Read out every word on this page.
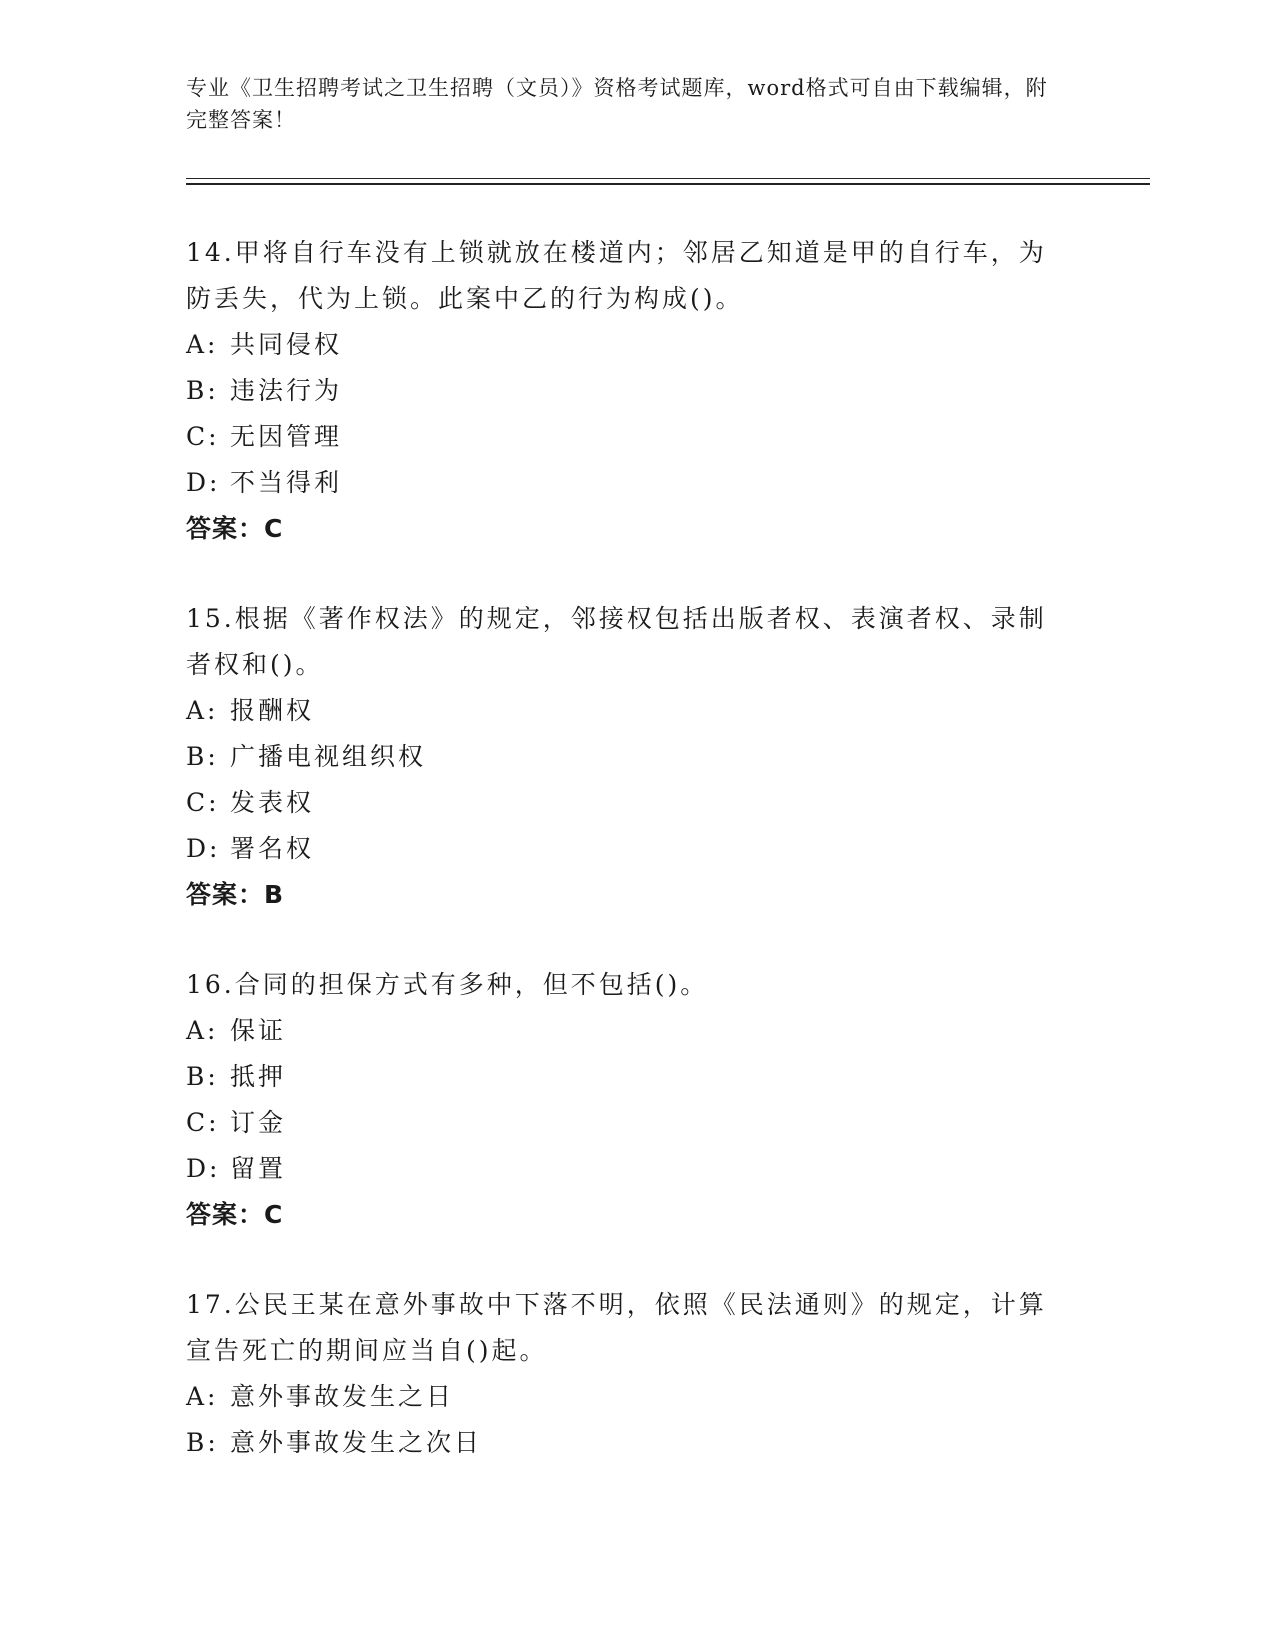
专业《卫生招聘考试之卫生招聘（文员）》资格考试题库，word格式可自由下载编辑，附完整答案！
14.甲将自行车没有上锁就放在楼道内；邻居乙知道是甲的自行车，为防丢失，代为上锁。此案中乙的行为构成()。
A: 共同侵权
B: 违法行为
C: 无因管理
D: 不当得利
答案：C
15.根据《著作权法》的规定，邻接权包括出版者权、表演者权、录制者权和()。
A: 报酬权
B: 广播电视组织权
C: 发表权
D: 署名权
答案：B
16.合同的担保方式有多种，但不包括()。
A: 保证
B: 抵押
C: 订金
D: 留置
答案：C
17.公民王某在意外事故中下落不明，依照《民法通则》的规定，计算宣告死亡的期间应当自()起。
A: 意外事故发生之日
B: 意外事故发生之次日
